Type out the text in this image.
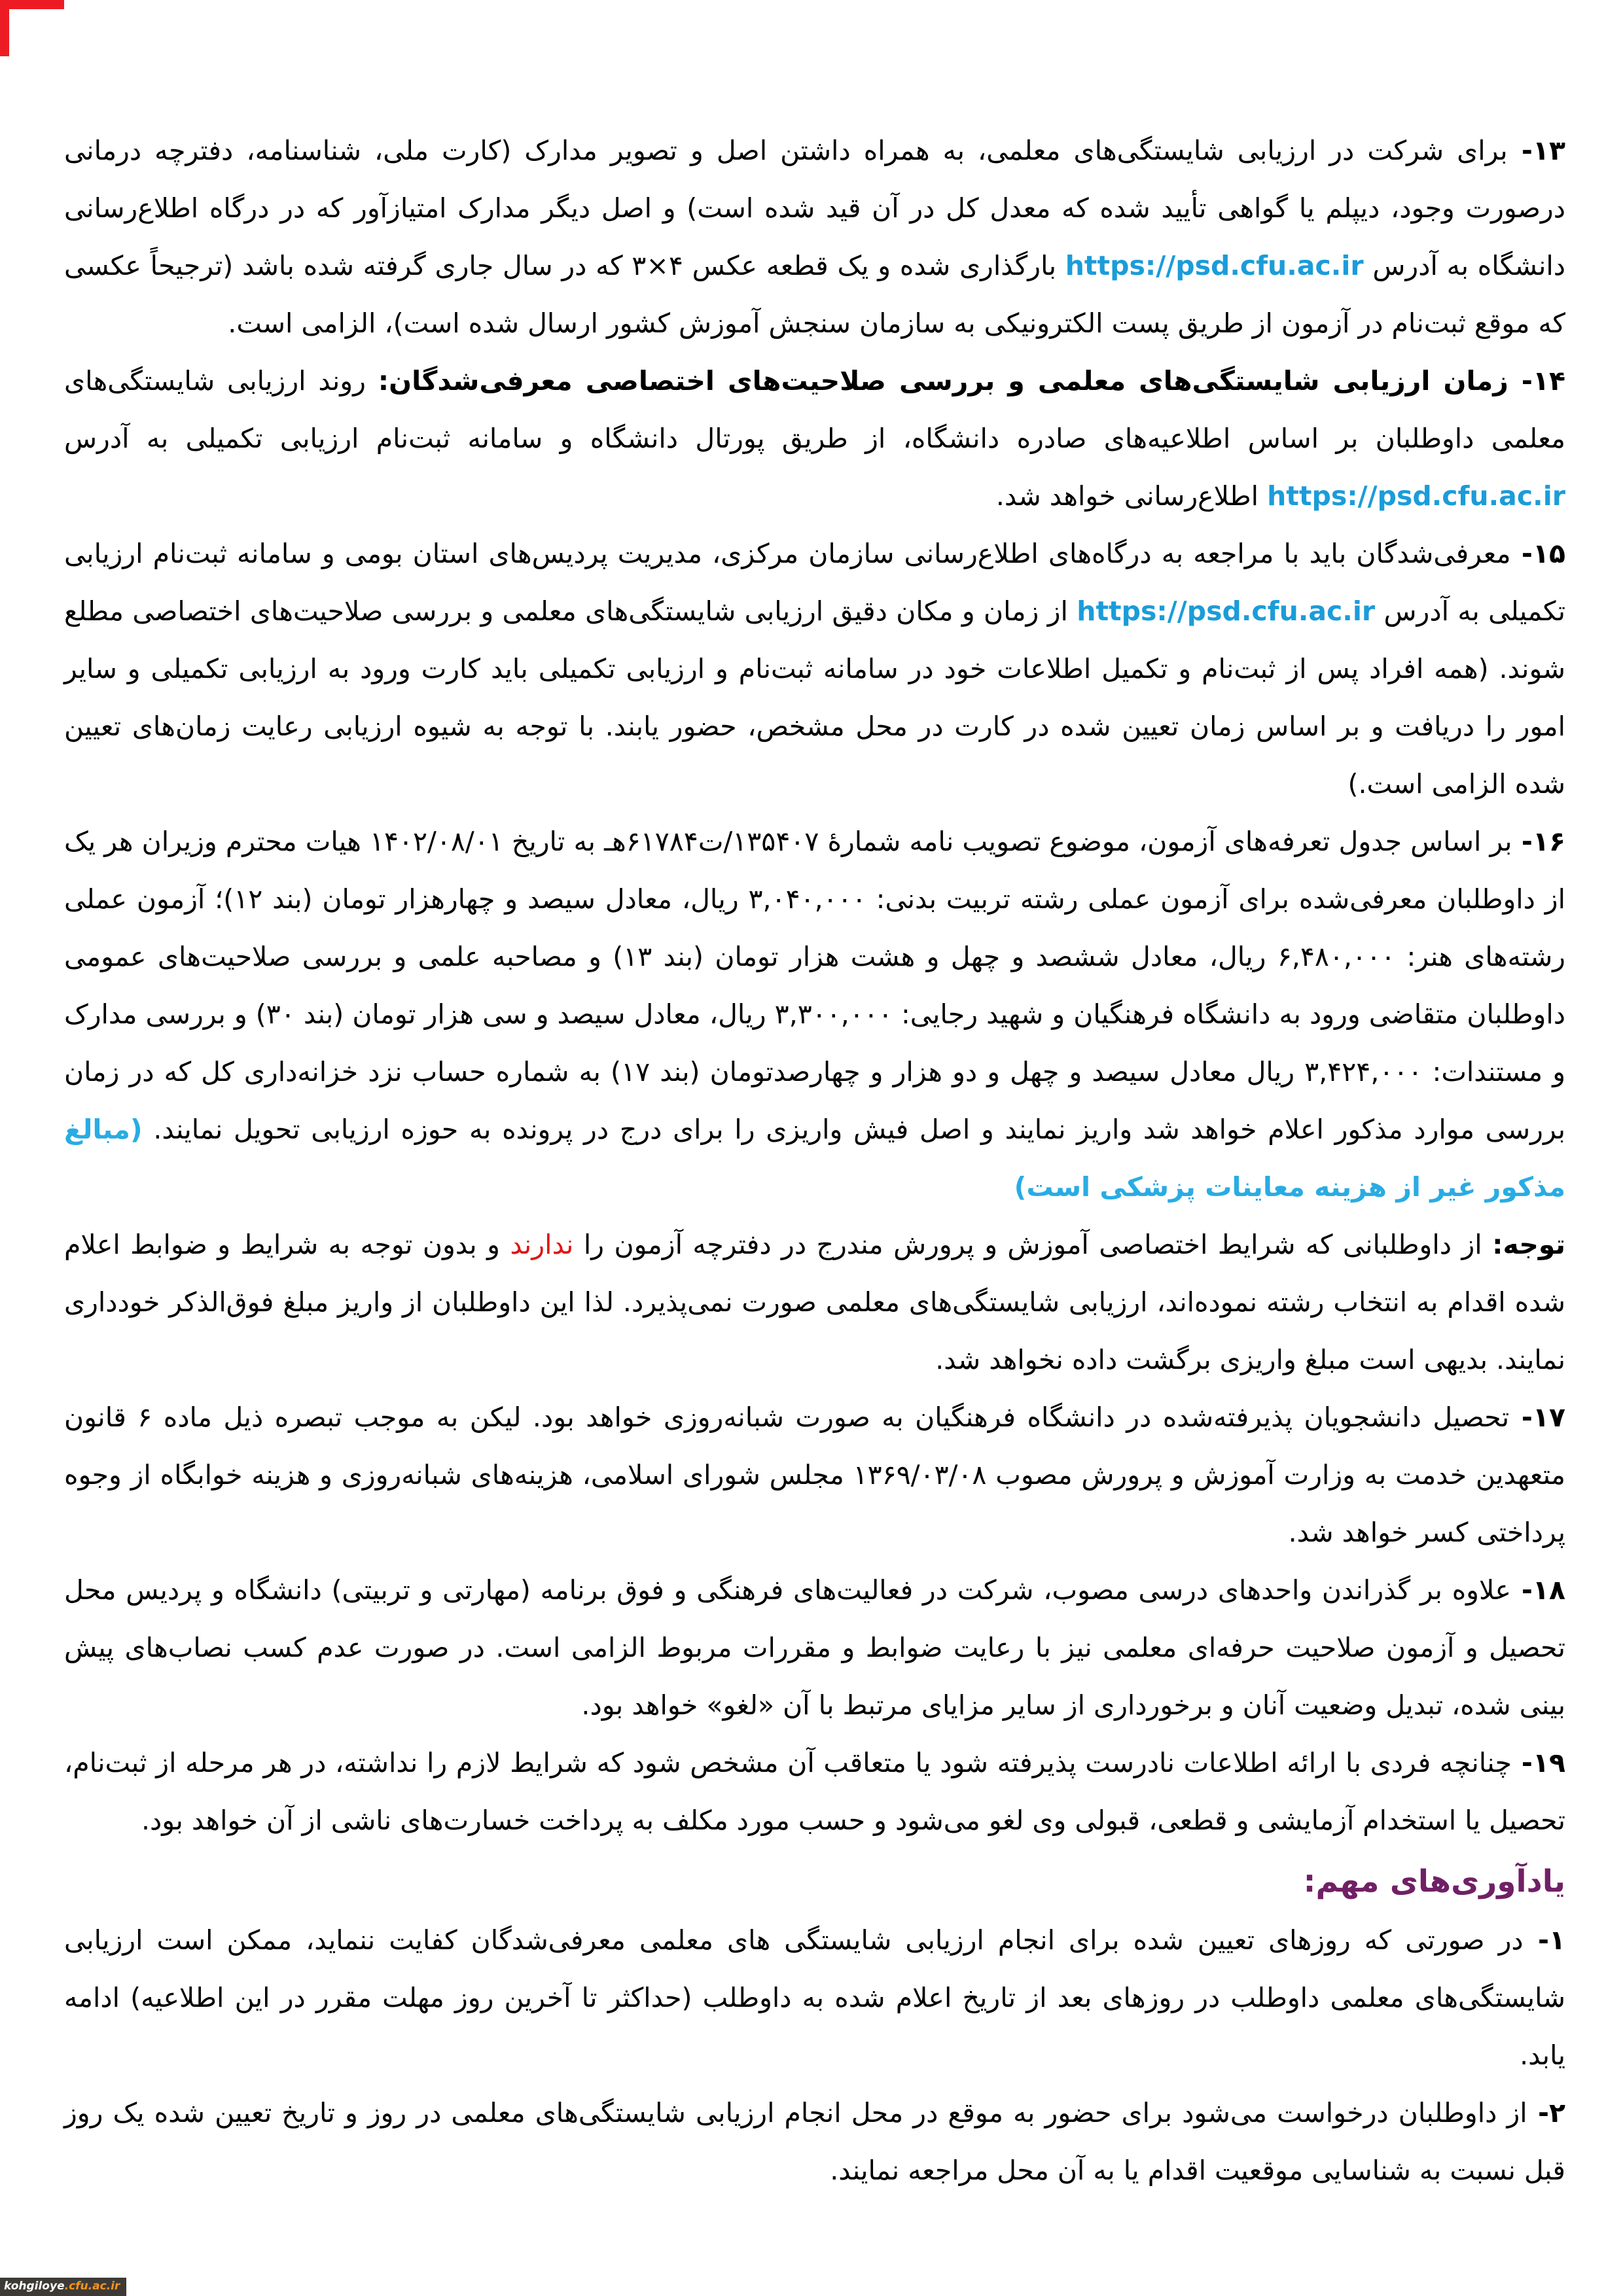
۱۳- برای شرکت در ارزیابی شایستگی‌های معلمی، به همراه داشتن اصل و تصویر مدارک (کارت ملی، شناسنامه، دفترچه درمانی درصورت وجود، دیپلم یا گواهی تأیید شده که معدل کل در آن قید شده است) و اصل دیگر مدارک امتیازآور که در درگاه اطلاع‌رسانی دانشگاه به آدرس https://psd.cfu.ac.ir بارگذاری شده و یک قطعه عکس ۴×۳ که در سال جاری گرفته شده باشد (ترجیحاً عکسی که موقع ثبت‌نام در آزمون از طریق پست الکترونیکی به سازمان سنجش آموزش کشور ارسال شده است)، الزامی است.

۱۴- زمان ارزیابی شایستگی‌های معلمی و بررسی صلاحیت‌های اختصاصی معرفی‌شدگان: روند ارزیابی شایستگی‌های معلمی داوطلبان بر اساس اطلاعیه‌های صادره دانشگاه، از طریق پورتال دانشگاه و سامانه ثبت‌نام ارزیابی تکمیلی به آدرس https://psd.cfu.ac.ir اطلاع‌رسانی خواهد شد.

۱۵- معرفی‌شدگان باید با مراجعه به درگاه‌های اطلاع‌رسانی سازمان مرکزی، مدیریت پردیس‌های استان بومی و سامانه ثبت‌نام ارزیابی تکمیلی به آدرس https://psd.cfu.ac.ir از زمان و مکان دقیق ارزیابی شایستگی‌های معلمی و بررسی صلاحیت‌های اختصاصی مطلع شوند. (همه افراد پس از ثبت‌نام و تکمیل اطلاعات خود در سامانه ثبت‌نام و ارزیابی تکمیلی باید کارت ورود به ارزیابی تکمیلی و سایر امور را دریافت و بر اساس زمان تعیین شده در کارت در محل مشخص، حضور یابند. با توجه به شیوه ارزیابی رعایت زمان‌های تعیین شده الزامی است.)

۱۶- بر اساس جدول تعرفه‌های آزمون، موضوع تصویب نامه شمارهٔ ۱۳۵۴۰۷/ت۶۱۷۸۴هـ به تاریخ ۱۴۰۲/۰۸/۰۱ هیات محترم وزیران هر یک از داوطلبان معرفی‌شده برای آزمون عملی رشته تربیت بدنی: ۳,۰۴۰,۰۰۰ ریال، معادل سیصد و چهارهزار تومان (بند ۱۲)؛ آزمون عملی رشته‌های هنر: ۶,۴۸۰,۰۰۰ ریال، معادل ششصد و چهل و هشت هزار تومان (بند ۱۳) و مصاحبه علمی و بررسی صلاحیت‌های عمومی داوطلبان متقاضی ورود به دانشگاه فرهنگیان و شهید رجایی: ۳,۳۰۰,۰۰۰ ریال، معادل سیصد و سی هزار تومان (بند ۳۰) و بررسی مدارک و مستندات: ۳,۴۲۴,۰۰۰ ریال معادل سیصد و چهل و دو هزار و چهارصدتومان (بند ۱۷) به شماره حساب نزد خزانه‌داری کل که در زمان بررسی موارد مذکور اعلام خواهد شد واریز نمایند و اصل فیش واریزی را برای درج در پرونده به حوزه ارزیابی تحویل نمایند. (مبالغ مذکور غیر از هزینه معاینات پزشکی است)

توجه: از داوطلبانی که شرایط اختصاصی آموزش و پرورش مندرج در دفترچه آزمون را ندارند و بدون توجه به شرایط و ضوابط اعلام شده اقدام به انتخاب رشته نموده‌اند، ارزیابی شایستگی‌های معلمی صورت نمی‌پذیرد. لذا این داوطلبان از واریز مبلغ فوق‌الذکر خودداری نمایند. بدیهی است مبلغ واریزی برگشت داده نخواهد شد.

۱۷- تحصیل دانشجویان پذیرفته‌شده در دانشگاه فرهنگیان به صورت شبانه‌روزی خواهد بود. لیکن به موجب تبصره ذیل ماده ۶ قانون متعهدین خدمت به وزارت آموزش و پرورش مصوب ۱۳۶۹/۰۳/۰۸ مجلس شورای اسلامی، هزینه‌های شبانه‌روزی و هزینه خوابگاه از وجوه پرداختی کسر خواهد شد.

۱۸- علاوه بر گذراندن واحدهای درسی مصوب، شرکت در فعالیت‌های فرهنگی و فوق برنامه (مهارتی و تربیتی) دانشگاه و پردیس محل تحصیل و آزمون صلاحیت حرفه‌ای معلمی نیز با رعایت ضوابط و مقررات مربوط الزامی است. در صورت عدم کسب نصاب‌های پیش بینی شده، تبدیل وضعیت آنان و برخورداری از سایر مزایای مرتبط با آن «لغو» خواهد بود.

۱۹- چنانچه فردی با ارائه اطلاعات نادرست پذیرفته شود یا متعاقب آن مشخص شود که شرایط لازم را نداشته، در هر مرحله از ثبت‌نام، تحصیل یا استخدام آزمایشی و قطعی، قبولی وی لغو می‌شود و حسب مورد مکلف به پرداخت خسارت‌های ناشی از آن خواهد بود.

یادآوری‌های مهم:

۱- در صورتی که روزهای تعیین شده برای انجام ارزیابی شایستگی های معلمی معرفی‌شدگان کفایت ننماید، ممکن است ارزیابی شایستگی‌های معلمی داوطلب در روزهای بعد از تاریخ اعلام شده به داوطلب (حداکثر تا آخرین روز مهلت مقرر در این اطلاعیه) ادامه یابد.

۲- از داوطلبان درخواست می‌شود برای حضور به موقع در محل انجام ارزیابی شایستگی‌های معلمی در روز و تاریخ تعیین شده یک روز قبل نسبت به شناسایی موقعیت اقدام یا به آن محل مراجعه نمایند.

kohgiloye.cfu.ac.ir
